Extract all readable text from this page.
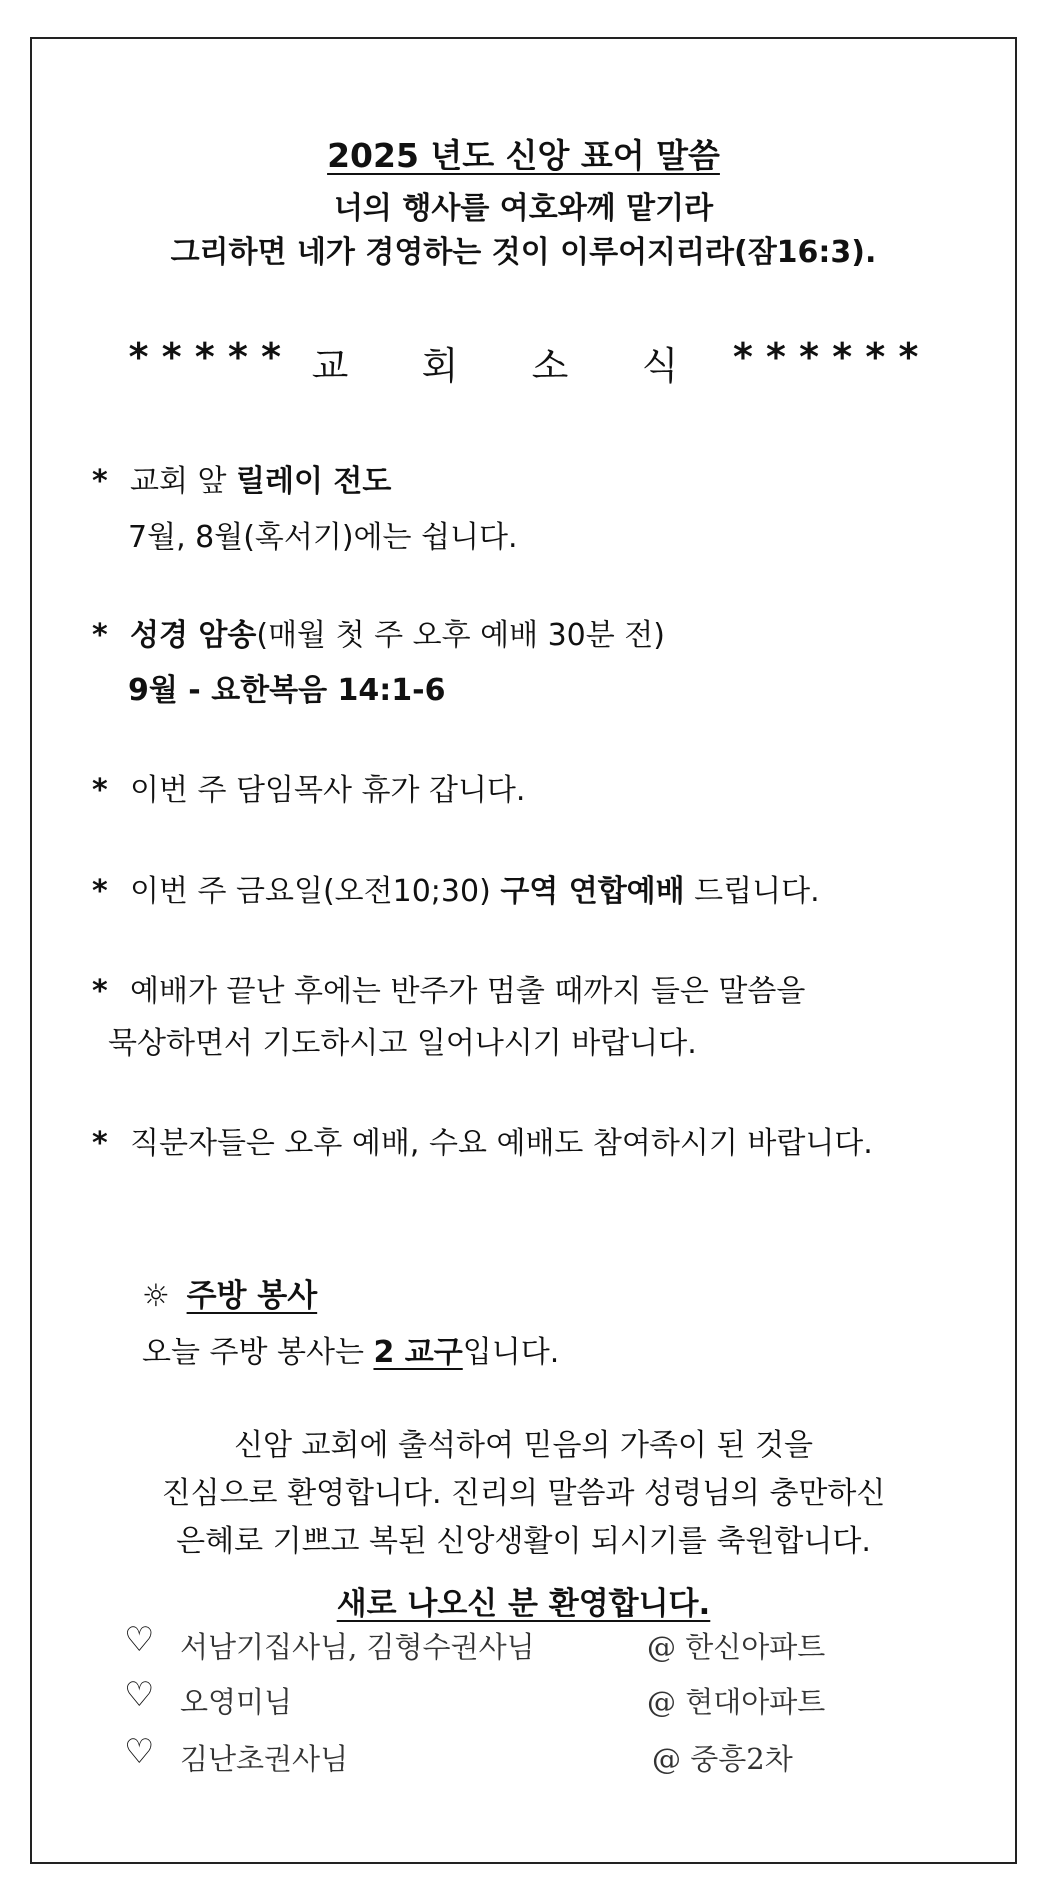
2025 년도 신앙 표어 말씀
너의 행사를 여호와께 맡기라
그리하면 네가 경영하는 것이 이루어지리라(잠16:3).
* * * * * 교 회 소 식 * * * * * *
* 교회 앞 릴레이 전도
7월, 8월(혹서기)에는 쉽니다.
* 성경 암송(매월 첫 주 오후 예배 30분 전)
9월 - 요한복음 14:1-6
* 이번 주 담임목사 휴가 갑니다.
* 이번 주 금요일(오전10;30) 구역 연합예배 드립니다.
* 예배가 끝난 후에는 반주가 멈출 때까지 들은 말씀을
묵상하면서 기도하시고 일어나시기 바랍니다.
* 직분자들은 오후 예배, 수요 예배도 참여하시기 바랍니다.
☼ 주방 봉사
오늘 주방 봉사는 2 교구입니다.
신암 교회에 출석하여 믿음의 가족이 된 것을
진심으로 환영합니다. 진리의 말씀과 성령님의 충만하신
은혜로 기쁘고 복된 신앙생활이 되시기를 축원합니다.
새로 나오신 분 환영합니다.
♡ 서남기집사님, 김형수권사님	@ 한신아파트
♡ 오영미님	@ 현대아파트
♡ 김난초권사님	@ 중흥2차
